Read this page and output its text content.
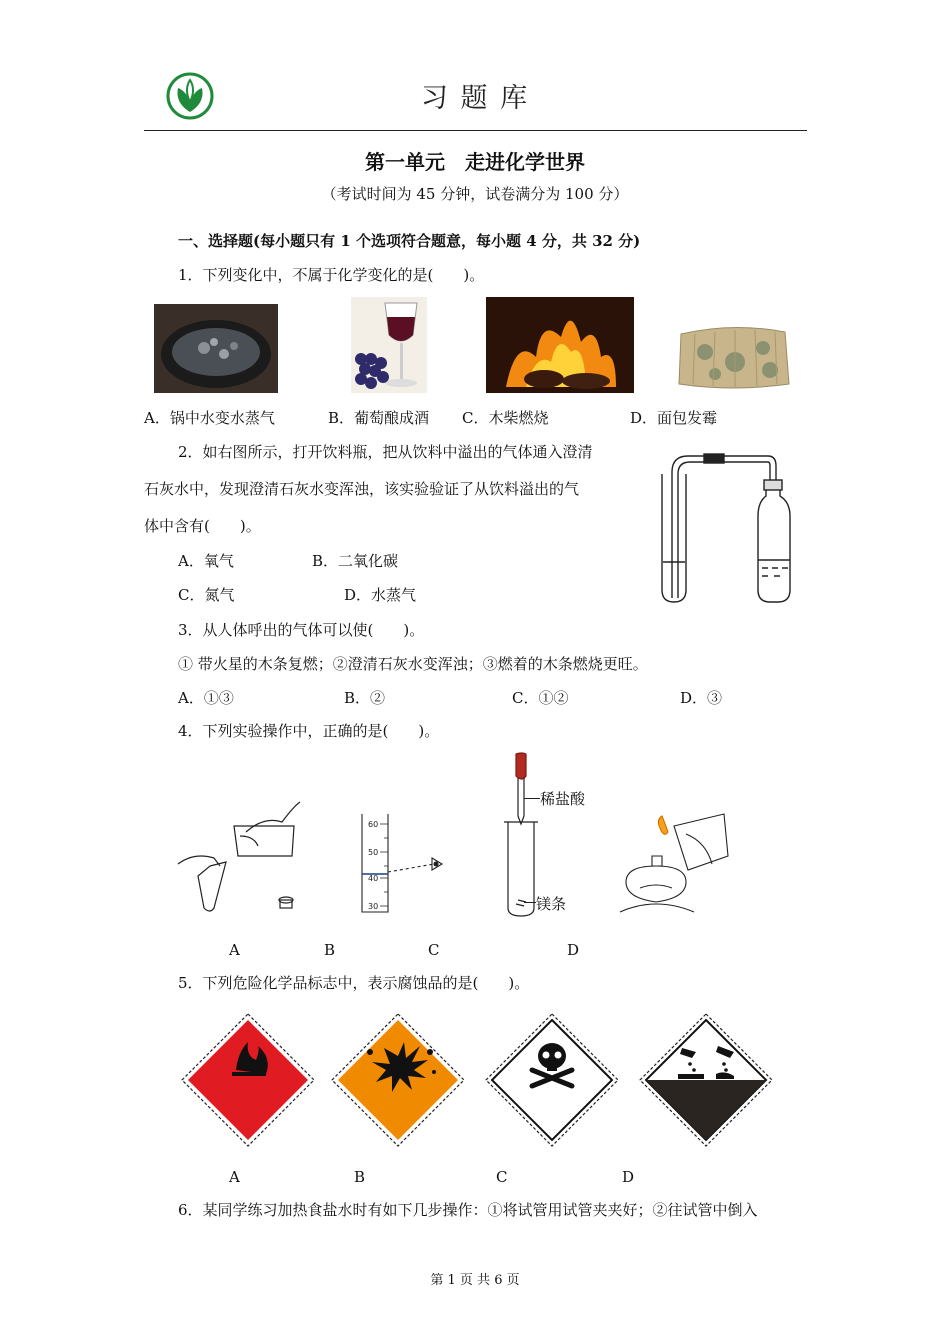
习 题 库
第一单元　走进化学世界
（考试时间为 45 分钟，试卷满分为 100 分）
一、选择题(每小题只有 1 个选项符合题意，每小题 4 分，共 32 分)
1．下列变化中，不属于化学变化的是(　　)。
A．锅中水变水蒸气	B．葡萄酿成酒 C．木柴燃烧	D．面包发霉
2．如右图所示，打开饮料瓶，把从饮料中溢出的气体通入澄清
石灰水中，发现澄清石灰水变浑浊，该实验验证了从饮料溢出的气
体中含有(　　)。
A．氧气	B．二氧化碳
C．氮气	D．水蒸气
3．从人体呼出的气体可以使(　　)。
① 带火星的木条复燃；②澄清石灰水变浑浊；③燃着的木条燃烧更旺。
A．①③	B．②	C．①②	D．③
4．下列实验操作中，正确的是(　　)。
60
50
40
30
稀盐酸
镁条
A	B	C	D
5．下列危险化学品标志中，表示腐蚀品的是(　　)。
A	B	C	D
6．某同学练习加热食盐水时有如下几步操作：①将试管用试管夹夹好；②往试管中倒入
第 1 页 共 6 页
